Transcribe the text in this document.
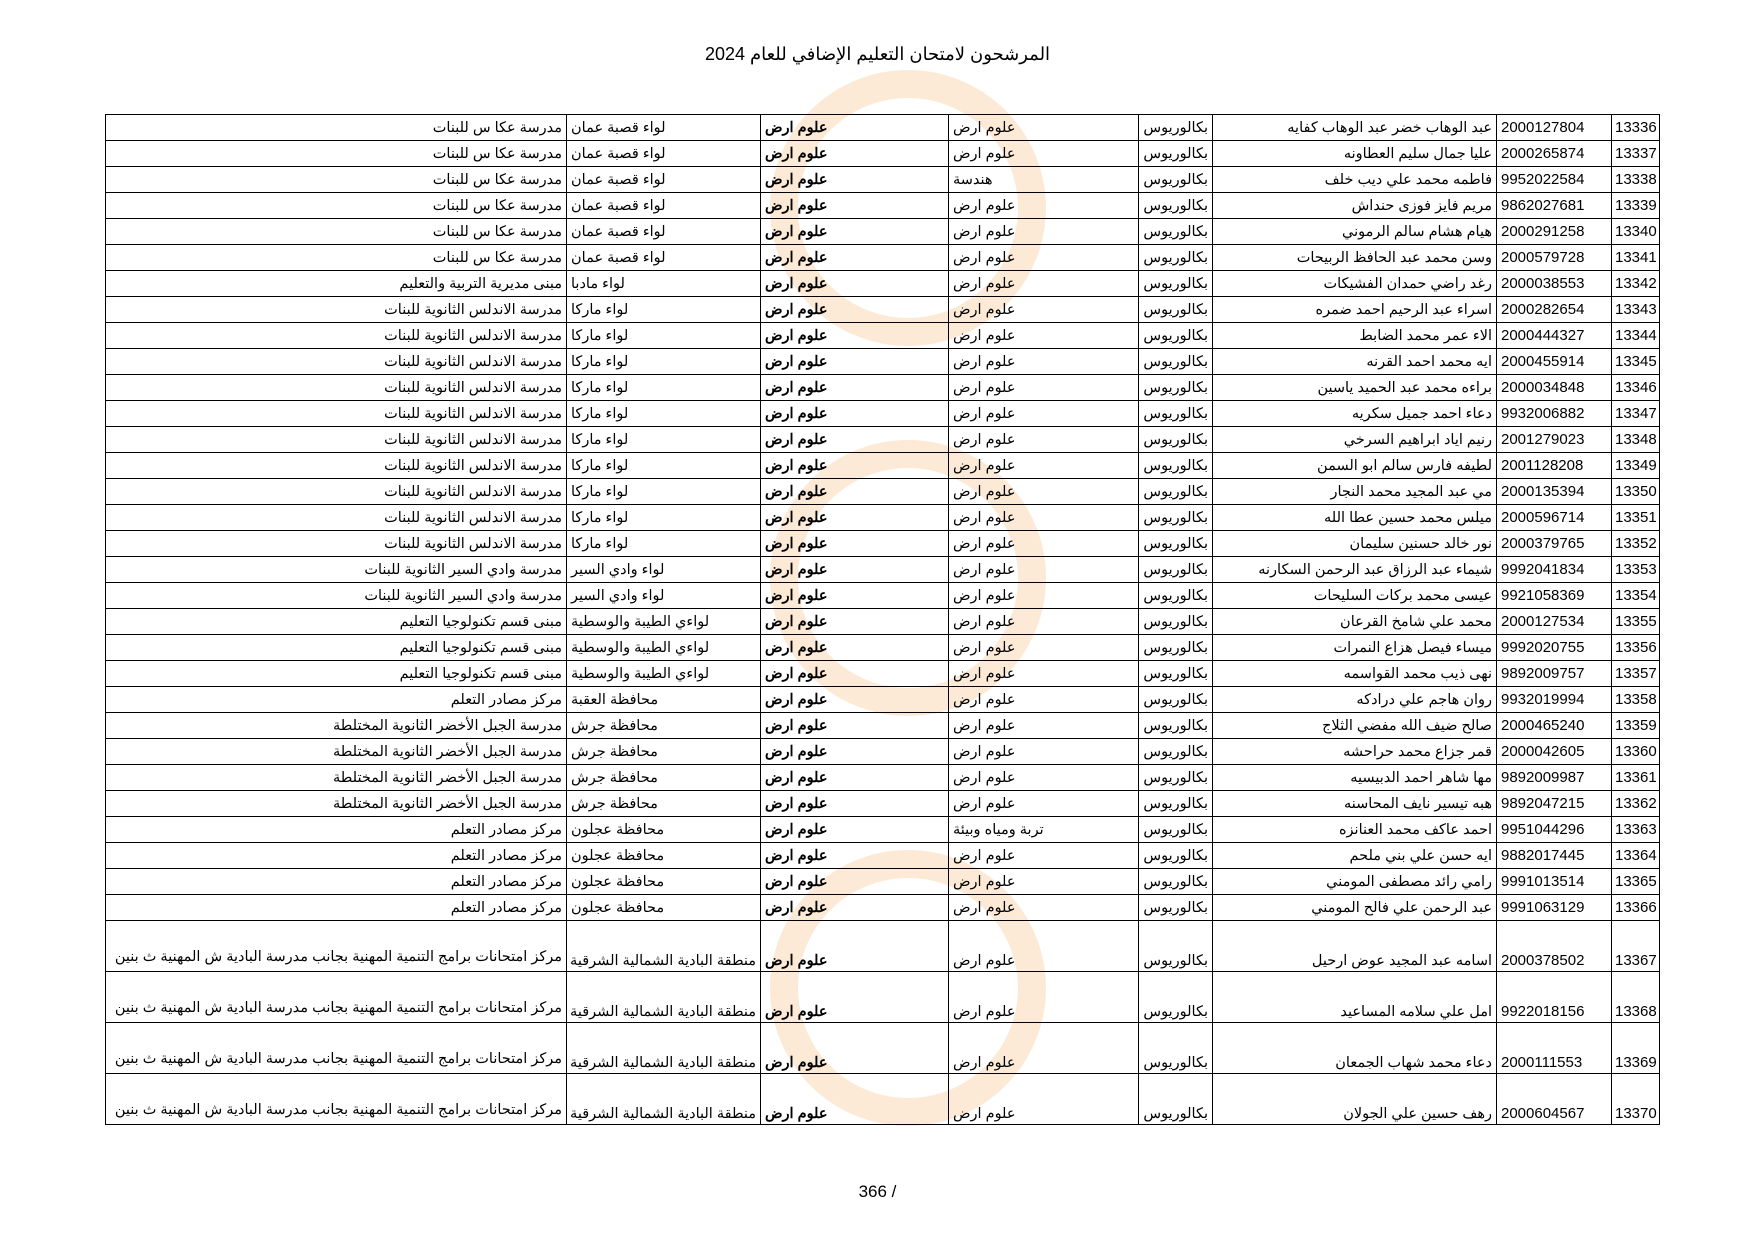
المرشحون لامتحان التعليم الإضافي للعام 2024
13336	2000127804	عبد الوهاب خضر عبد الوهاب كفايه	بكالوريوس	علوم ارض	علوم ارض	لواء قصبة عمان	مدرسة عكا س للبنات
13337	2000265874	عليا جمال سليم العطاونه	بكالوريوس	علوم ارض	علوم ارض	لواء قصبة عمان	مدرسة عكا س للبنات
13338	9952022584	فاطمه محمد علي ديب خلف	بكالوريوس	هندسة	علوم ارض	لواء قصبة عمان	مدرسة عكا س للبنات
13339	9862027681	مريم فايز فوزى حنداش	بكالوريوس	علوم ارض	علوم ارض	لواء قصبة عمان	مدرسة عكا س للبنات
13340	2000291258	هيام هشام سالم الرموني	بكالوريوس	علوم ارض	علوم ارض	لواء قصبة عمان	مدرسة عكا س للبنات
13341	2000579728	وسن محمد عبد الحافظ الربيحات	بكالوريوس	علوم ارض	علوم ارض	لواء قصبة عمان	مدرسة عكا س للبنات
13342	2000038553	رغد راضي حمدان الفشيكات	بكالوريوس	علوم ارض	علوم ارض	لواء مادبا	مبنى مديرية التربية والتعليم
13343	2000282654	اسراء عبد الرحيم احمد ضمره	بكالوريوس	علوم ارض	علوم ارض	لواء ماركا	مدرسة الاندلس الثانوية للبنات
13344	2000444327	الاء عمر محمد الضابط	بكالوريوس	علوم ارض	علوم ارض	لواء ماركا	مدرسة الاندلس الثانوية للبنات
13345	2000455914	ايه محمد احمد القرنه	بكالوريوس	علوم ارض	علوم ارض	لواء ماركا	مدرسة الاندلس الثانوية للبنات
13346	2000034848	براءه محمد عبد الحميد ياسين	بكالوريوس	علوم ارض	علوم ارض	لواء ماركا	مدرسة الاندلس الثانوية للبنات
13347	9932006882	دعاء احمد جميل سكريه	بكالوريوس	علوم ارض	علوم ارض	لواء ماركا	مدرسة الاندلس الثانوية للبنات
13348	2001279023	رنيم اياد ابراهيم السرخي	بكالوريوس	علوم ارض	علوم ارض	لواء ماركا	مدرسة الاندلس الثانوية للبنات
13349	2001128208	لطيفه فارس سالم ابو السمن	بكالوريوس	علوم ارض	علوم ارض	لواء ماركا	مدرسة الاندلس الثانوية للبنات
13350	2000135394	مي عبد المجيد محمد النجار	بكالوريوس	علوم ارض	علوم ارض	لواء ماركا	مدرسة الاندلس الثانوية للبنات
13351	2000596714	ميلس محمد حسين عطا الله	بكالوريوس	علوم ارض	علوم ارض	لواء ماركا	مدرسة الاندلس الثانوية للبنات
13352	2000379765	نور خالد حسنين سليمان	بكالوريوس	علوم ارض	علوم ارض	لواء ماركا	مدرسة الاندلس الثانوية للبنات
13353	9992041834	شيماء عبد الرزاق عبد الرحمن السكارنه	بكالوريوس	علوم ارض	علوم ارض	لواء وادي السير	مدرسة وادي السير الثانوية للبنات
13354	9921058369	عيسى محمد بركات السليحات	بكالوريوس	علوم ارض	علوم ارض	لواء وادي السير	مدرسة وادي السير الثانوية للبنات
13355	2000127534	محمد علي شامخ القرعان	بكالوريوس	علوم ارض	علوم ارض	لواءي الطيبة والوسطية	مبنى قسم تكنولوجيا التعليم
13356	9992020755	ميساء فيصل هزاع النمرات	بكالوريوس	علوم ارض	علوم ارض	لواءي الطيبة والوسطية	مبنى قسم تكنولوجيا التعليم
13357	9892009757	نهى ذيب محمد القواسمه	بكالوريوس	علوم ارض	علوم ارض	لواءي الطيبة والوسطية	مبنى قسم تكنولوجيا التعليم
13358	9932019994	روان هاجم علي درادكه	بكالوريوس	علوم ارض	علوم ارض	محافظة العقبة	مركز مصادر التعلم
13359	2000465240	صالح ضيف الله مفضي الثلاج	بكالوريوس	علوم ارض	علوم ارض	محافظة جرش	مدرسة الجبل الأخضر الثانوية المختلطة
13360	2000042605	قمر جزاع محمد حراحشه	بكالوريوس	علوم ارض	علوم ارض	محافظة جرش	مدرسة الجبل الأخضر الثانوية المختلطة
13361	9892009987	مها شاهر احمد الدبيسيه	بكالوريوس	علوم ارض	علوم ارض	محافظة جرش	مدرسة الجبل الأخضر الثانوية المختلطة
13362	9892047215	هبه تيسير نايف المحاسنه	بكالوريوس	علوم ارض	علوم ارض	محافظة جرش	مدرسة الجبل الأخضر الثانوية المختلطة
13363	9951044296	احمد عاكف محمد العنانزه	بكالوريوس	تربة ومياه وبيئة	علوم ارض	محافظة عجلون	مركز مصادر التعلم
13364	9882017445	ايه حسن علي بني ملحم	بكالوريوس	علوم ارض	علوم ارض	محافظة عجلون	مركز مصادر التعلم
13365	9991013514	رامي رائد مصطفى المومني	بكالوريوس	علوم ارض	علوم ارض	محافظة عجلون	مركز مصادر التعلم
13366	9991063129	عبد الرحمن علي فالح المومني	بكالوريوس	علوم ارض	علوم ارض	محافظة عجلون	مركز مصادر التعلم
13367	2000378502	اسامه عبد المجيد عوض ارحيل	بكالوريوس	علوم ارض	علوم ارض	منطقة البادية الشمالية الشرقية	مركز امتحانات برامج التنمية المهنية بجانب مدرسة البادية ش المهنية ث بنين
13368	9922018156	امل علي سلامه المساعيد	بكالوريوس	علوم ارض	علوم ارض	منطقة البادية الشمالية الشرقية	مركز امتحانات برامج التنمية المهنية بجانب مدرسة البادية ش المهنية ث بنين
13369	2000111553	دعاء محمد شهاب الجمعان	بكالوريوس	علوم ارض	علوم ارض	منطقة البادية الشمالية الشرقية	مركز امتحانات برامج التنمية المهنية بجانب مدرسة البادية ش المهنية ث بنين
13370	2000604567	رهف حسين علي الجولان	بكالوريوس	علوم ارض	علوم ارض	منطقة البادية الشمالية الشرقية	مركز امتحانات برامج التنمية المهنية بجانب مدرسة البادية ش المهنية ث بنين
366 /
